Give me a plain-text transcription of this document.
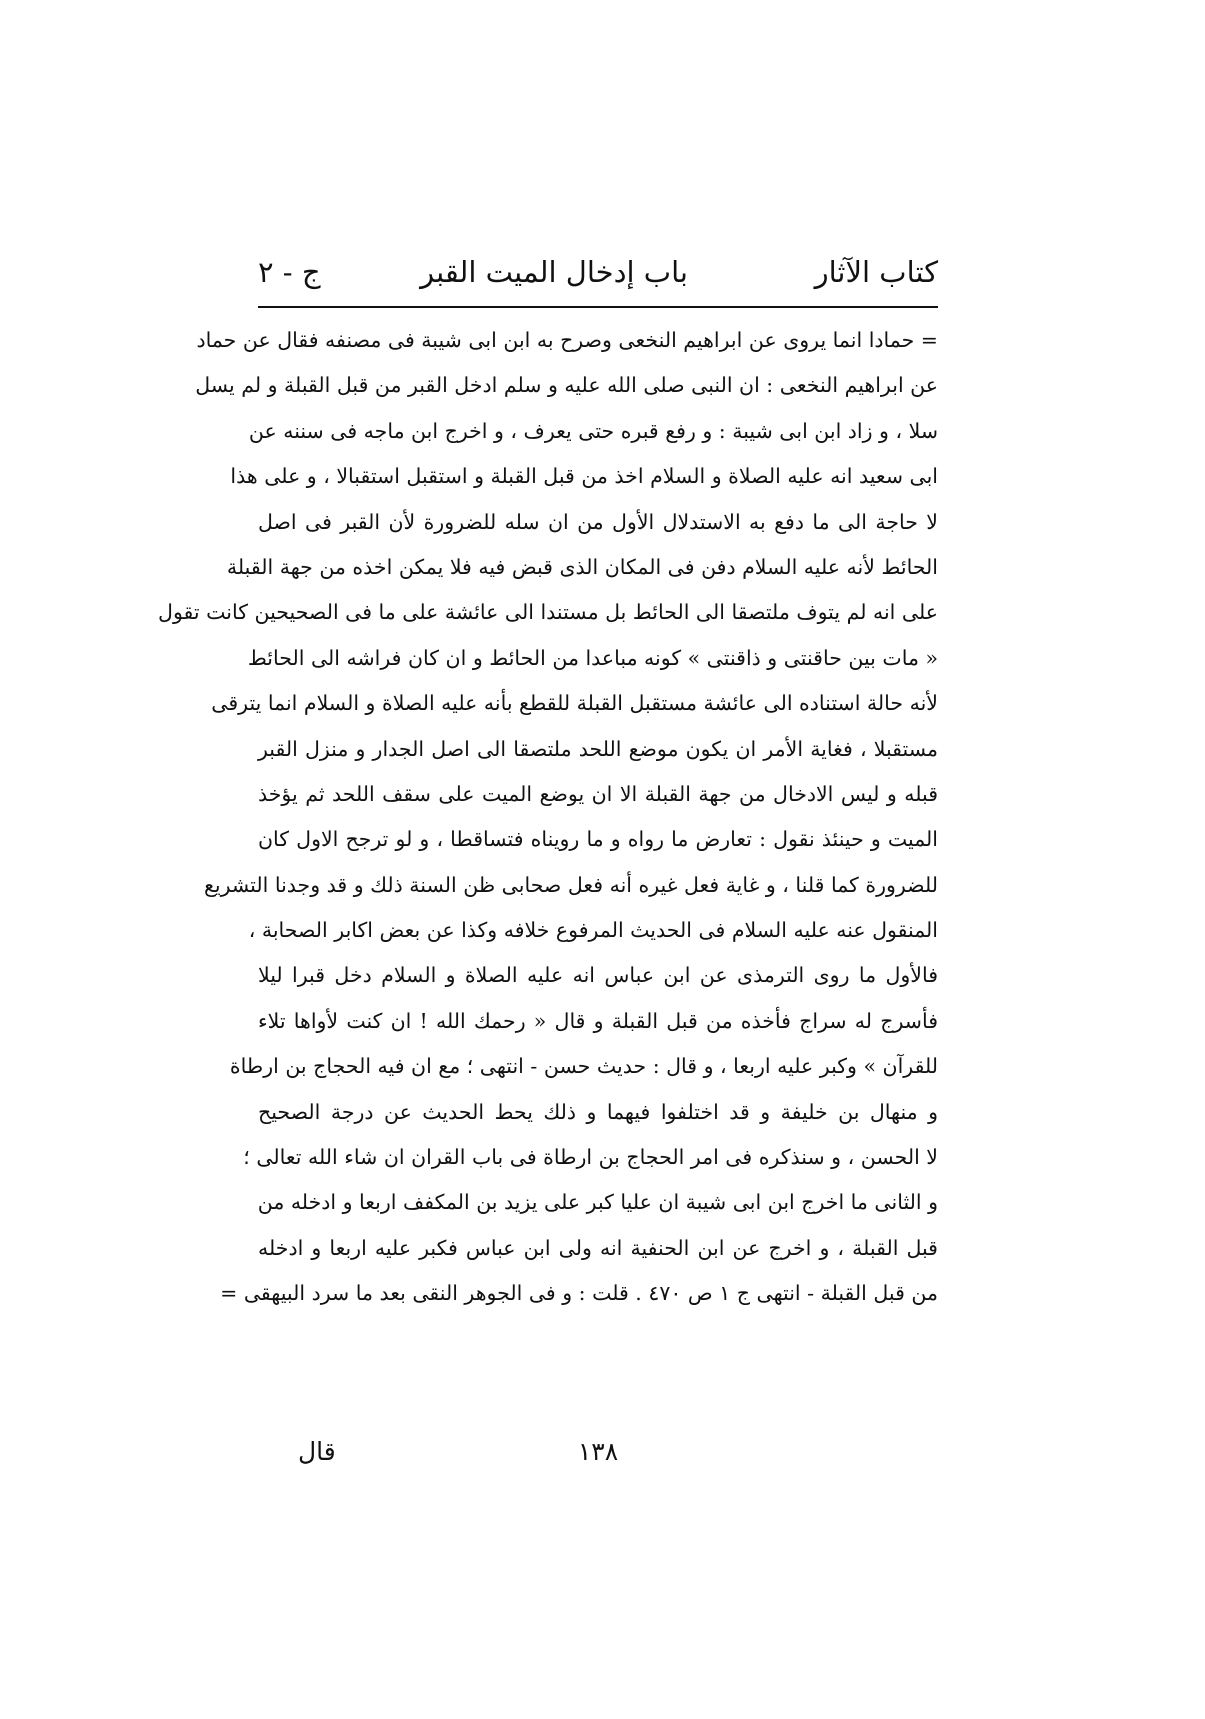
كتاب الآثار
باب إدخال الميت القبر
ج - ٢
= حمادا انما يروى عن ابراهيم النخعى وصرح به ابن ابى شيبة فى مصنفه فقال عن حماد
عن ابراهيم النخعى : ان النبى صلى الله عليه و سلم ادخل القبر من قبل القبلة و لم يسل
سلا ، و زاد ابن ابى شيبة : و رفع قبره حتى يعرف ، و اخرج ابن ماجه فى سننه عن
ابى سعيد انه عليه الصلاة و السلام اخذ من قبل القبلة و استقبل استقبالا ، و على هذا
لا حاجة الى ما دفع به الاستدلال الأول من ان سله للضرورة لأن القبر فى اصل
الحائط لأنه عليه السلام دفن فى المكان الذى قبض فيه فلا يمكن اخذه من جهة القبلة
على انه لم يتوف ملتصقا الى الحائط بل مستندا الى عائشة على ما فى الصحيحين كانت تقول
« مات بين حاقنتى و ذاقنتى » كونه مباعدا من الحائط و ان كان فراشه الى الحائط
لأنه حالة استناده الى عائشة مستقبل القبلة للقطع بأنه عليه الصلاة و السلام انما يترقى
مستقبلا ، فغاية الأمر ان يكون موضع اللحد ملتصقا الى اصل الجدار و منزل القبر
قبله و ليس الادخال من جهة القبلة الا ان يوضع الميت على سقف اللحد ثم يؤخذ
الميت و حينئذ نقول : تعارض ما رواه و ما رويناه فتساقطا ، و لو ترجح الاول كان
للضرورة كما قلنا ، و غاية فعل غيره أنه فعل صحابى ظن السنة ذلك و قد وجدنا التشريع
المنقول عنه عليه السلام فى الحديث المرفوع خلافه وكذا عن بعض اكابر الصحابة ،
فالأول ما روى الترمذى عن ابن عباس انه عليه الصلاة و السلام دخل قبرا ليلا
فأسرج له سراج فأخذه من قبل القبلة و قال « رحمك الله ! ان كنت لأواها تلاء
للقرآن » وكبر عليه اربعا ، و قال : حديث حسن - انتهى ؛ مع ان فيه الحجاج بن ارطاة
و منهال بن خليفة و قد اختلفوا فيهما و ذلك يحط الحديث عن درجة الصحيح
لا الحسن ، و سنذكره فى امر الحجاج بن ارطاة فى باب القران ان شاء الله تعالى ؛
و الثانى ما اخرج ابن ابى شيبة ان عليا كبر على يزيد بن المكفف اربعا و ادخله من
قبل القبلة ، و اخرج عن ابن الحنفية انه ولى ابن عباس فكبر عليه اربعا و ادخله
من قبل القبلة - انتهى ج ١ ص ٤٧٠ . قلت : و فى الجوهر النقى بعد ما سرد البيهقى =
١٣٨
قال
